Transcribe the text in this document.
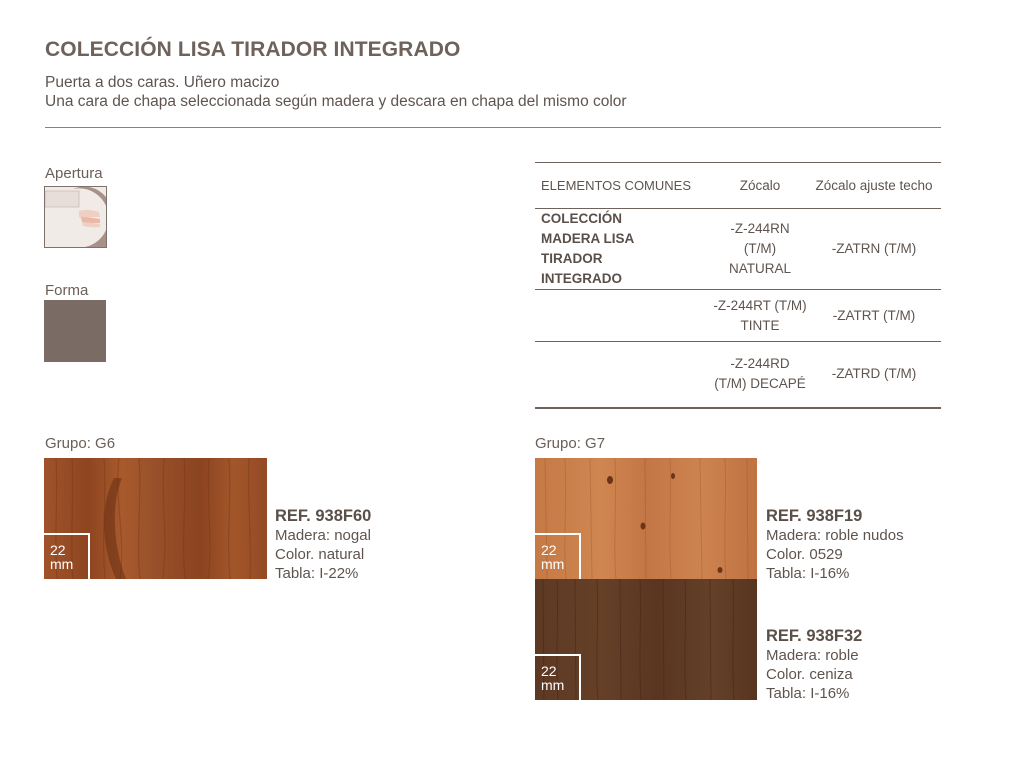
COLECCIÓN LISA TIRADOR INTEGRADO
Puerta a dos caras. Uñero macizo
Una cara de chapa seleccionada según madera y descara en chapa del mismo color
Apertura
Forma
ELEMENTOS COMUNES	Zócalo	Zócalo ajuste techo
COLECCIÓN MADERA LISA TIRADOR INTEGRADO	-Z-244RN (T/M) NATURAL	-ZATRN (T/M)
	-Z-244RT (T/M) TINTE	-ZATRT (T/M)
	-Z-244RD (T/M) DECAPÉ	-ZATRD (T/M)
Grupo: G6
22
mm
REF. 938F60
Madera: nogal
Color. natural
Tabla: I-22%
Grupo: G7
22
mm
REF. 938F19
Madera: roble nudos
Color. 0529
Tabla: I-16%
22
mm
REF. 938F32
Madera: roble
Color. ceniza
Tabla: I-16%
